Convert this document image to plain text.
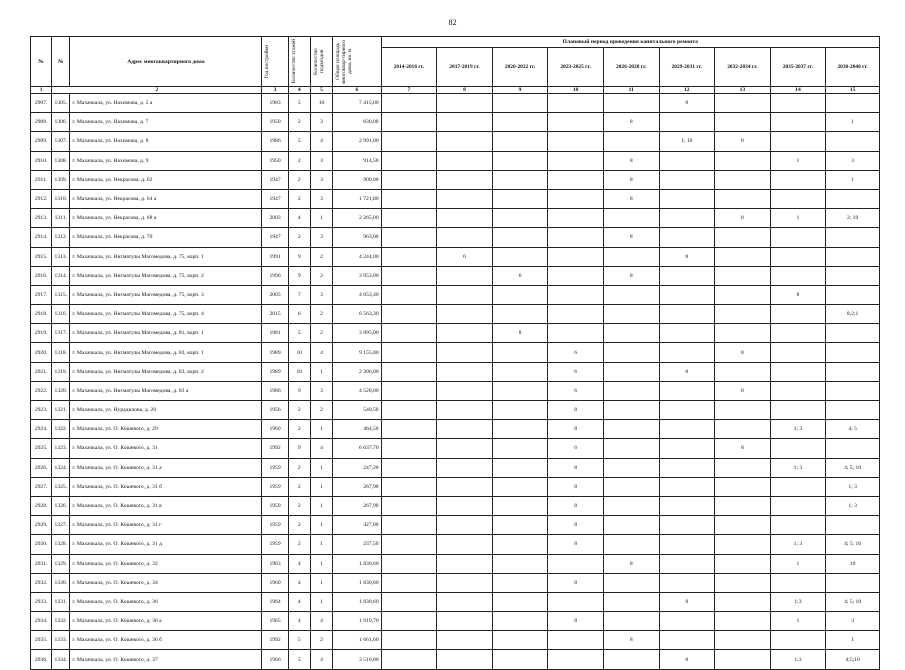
82
№	№	Адрес многоквартирного дома	Год постройки	Количество этажей	Количество подъездов	Общая площадь многоквар-тирного дома, кв. м	Плановый период проведения капитального ремонта								
							2014-2016 гг.	2017-2019 гг.	2020-2022 гг.	2023-2025 гг.	2026-2028 гг.	2029-2031 гг.	2032-2034 гг.	2035-2037 гг.	2038-2040 гг.
1	2		3	4	5	6	7	8	9	10	11	12	13	14	15
2907.	1305.	г. Махачкала, ул. Нахимова, д. 5 а	1983	5	10	7 415,00						8			
2908.	1306.	г. Махачкала, ул. Нахимова, д. 7	1950	2	3	830,00					8				1
2909.	1307.	г. Махачкала, ул. Нахимова, д. 8	1986	5	4	2 991,00						1; 10	8		
2910.	1308.	г. Махачкала, ул. Нахимова, д. 9	1950	2	3	914,50					8			1	3
2911.	1309.	г. Махачкала, ул. Некрасова, д. 62	1947	2	3	900,00					8				1
2912.	1310.	г. Махачкала, ул. Некрасова, д. 64 а	1947	2	3	1 721,80					8				
2913.	1311.	г. Махачкала, ул. Некрасова, д. 68 а	2003	4	1	2 265,00							8	1	2; 10
2914.	1312.	г. Махачкала, ул. Некрасова, д. 70	1947	2	3	963,00					8				
2915.	1313.	г. Махачкала, ул. Нигматулы Магомедова, д. 75, корп. 1	1991	9	2	4 244,00		6				8			
2916.	1314.	г. Махачкала, ул. Нигматулы Магомедова, д. 75, корп. 2	1996	9	2	3 953,00			6		8				
2917.	1315.	г. Махачкала, ул. Нигматулы Магомедова, д. 75, корп. 3	2005	7	3	4 053,40								8	
2918.	1316.	г. Махачкала, ул. Нигматулы Магомедова, д. 75, корп. 4	2015	6	2	6 563,30									8;2;1
2919.	1317.	г. Махачкала, ул. Нигматулы Магомедова, д. 81, корп. 1	1981	5	2	3 895,00			8						
2920.	1318.	г. Махачкала, ул. Нигматулы Магомедова, д. 83, корп. 1	1989	10	4	9 155,80				6			8		
2921.	1319.	г. Махачкала, ул. Нигматулы Магомедова, д. 83, корп. 2	1989	10	1	2 306,00				6		8			
2922.	1320.	г. Махачкала, ул. Нигматулы Магомедова, д. 83 а	1986	9	3	4 528,00				6			8		
2923.	1321.	г. Махачкала, ул. Нурадилова, д. 20	1956	2	2	540,50				8					
2924.	1322.	г. Махачкала, ул. О. Кошевого, д. 29	1960	2	1	464,50				8				1; 3	4; 5
2925.	1323.	г. Махачкала, ул. О. Кошевого, д. 31	1992	9	4	6 637,70				6			8		
2926.	1324.	г. Махачкала, ул. О. Кошевого, д. 31 а	1959	2	1	247,20				8				1; 3	4; 5; 10
2927.	1325.	г. Махачкала, ул. О. Кошевого, д. 31 б	1959	2	1	267,90				8					1; 3
2928.	1326.	г. Махачкала, ул. О. Кошевого, д. 31 в	1959	2	1	267,90				8					1; 3
2929.	1327.	г. Махачкала, ул. О. Кошевого, д. 31 г	1959	2	1	427,00				8					
2930.	1328.	г. Махачкала, ул. О. Кошевого, д. 31 д	1959	2	1	237,50				8				1; 3	4; 5; 10
2931.	1329.	г. Махачкала, ул. О. Кошевого, д. 32	1963	4	1	1 830,60					8			1	10
2932.	1330.	г. Махачкала, ул. О. Кошевого, д. 34	1960	4	1	1 830,60				8					
2933.	1331.	г. Махачкала, ул. О. Кошевого, д. 36	1964	4	1	1 830,60						8		1;3	4; 5; 10
2934.	1332.	г. Махачкала, ул. О. Кошевого, д. 36 а	1965	4	4	1 919,70				8				1	3
2935.	1333.	г. Махачкала, ул. О. Кошевого, д. 36 б	1992	5	2	1 661,60					8				1
2936.	1334.	г. Махачкала, ул. О. Кошевого, д. 37	1966	5	4	3 510,80						8		1;3	4;5;10
